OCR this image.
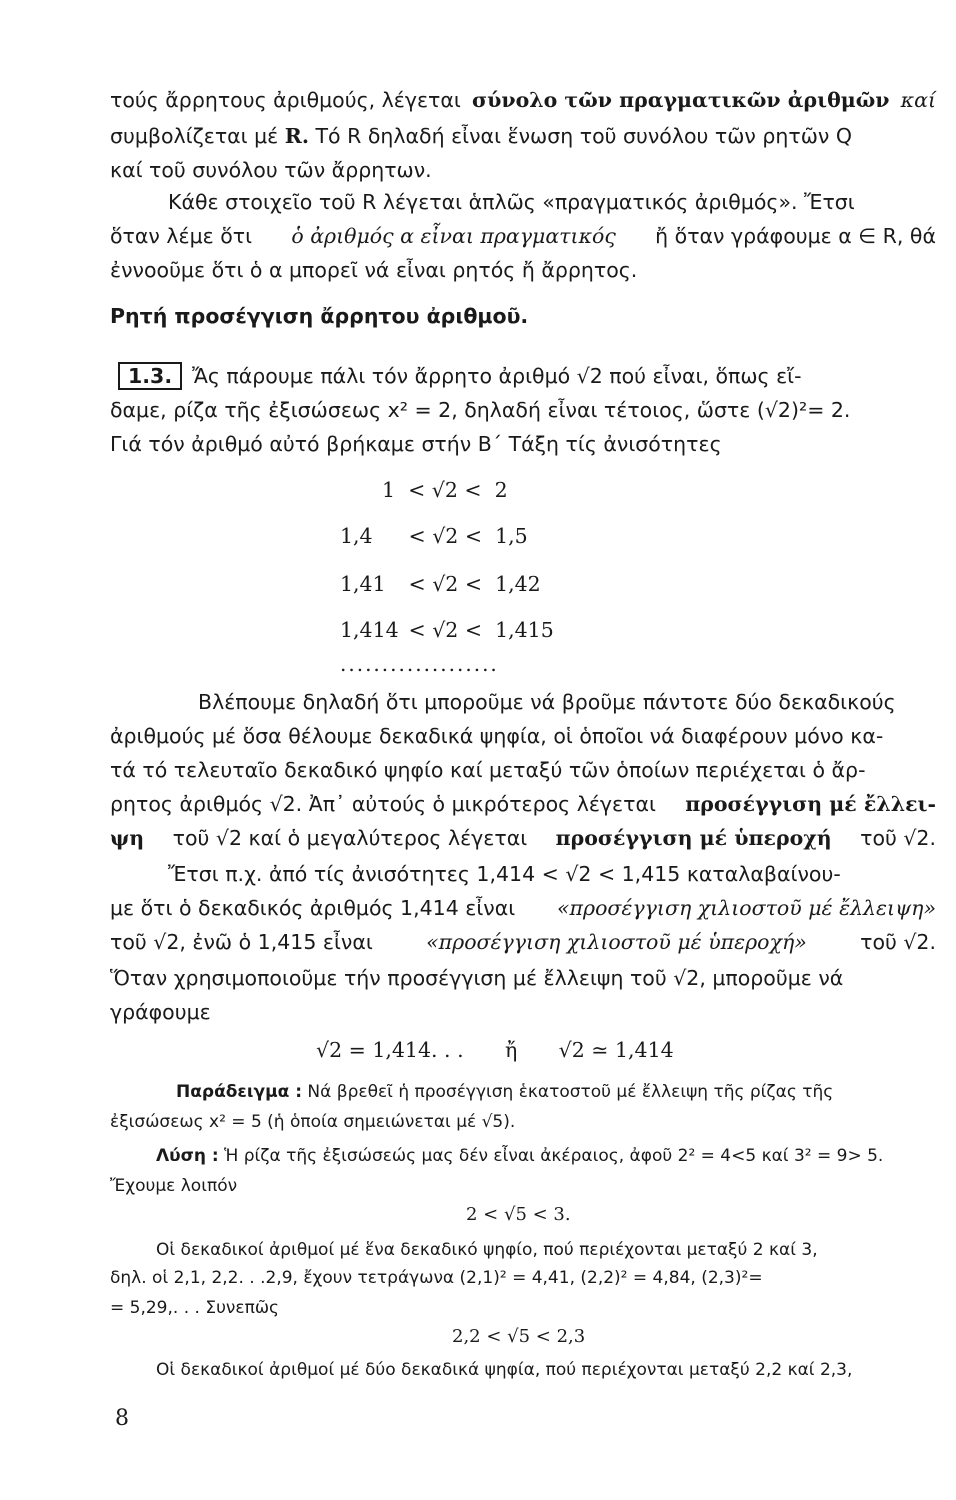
τούς ἄρρητους ἀριθμούς, λέγεται σύνολο τῶν πραγματικῶν ἀριθμῶν καί
συμβολίζεται μέ R. Τό R δηλαδή εἶναι ἕνωση τοῦ συνόλου τῶν ρητῶν Q
καί τοῦ συνόλου τῶν ἄρρητων.
Κάθε στοιχεῖο τοῦ R λέγεται ἁπλῶς «πραγματικός ἀριθμός». Ἔτσι
ὅταν λέμε ὅτι ὁ ἀριθμός α εἶναι πραγματικός ἤ ὅταν γράφουμε α ∈ R, θά
ἐννοοῦμε ὅτι ὁ α μπορεῖ νά εἶναι ρητός ἤ ἄρρητος.
Ρητή προσέγγιση ἄρρητου ἀριθμοῦ.
1.3. Ἄς πάρουμε πάλι τόν ἄρρητο ἀριθμό √2 πού εἶναι, ὅπως εἴ-
δαμε, ρίζα τῆς ἐξισώσεως x² = 2, δηλαδή εἶναι τέτοιος, ὥστε (√2)²= 2.
Γιά τόν ἀριθμό αὐτό βρήκαμε στήν Β΄ Τάξη τίς ἀνισότητες
1 < √2 < 2
1,4 < √2 < 1,5
1,41 < √2 < 1,42
1,414 < √2 < 1,415
...................
Βλέπουμε δηλαδή ὅτι μποροῦμε νά βροῦμε πάντοτε δύο δεκαδικούς
ἀριθμούς μέ ὅσα θέλουμε δεκαδικά ψηφία, οἱ ὁποῖοι νά διαφέρουν μόνο κα-
τά τό τελευταῖο δεκαδικό ψηφίο καί μεταξύ τῶν ὁποίων περιέχεται ὁ ἄρ-
ρητος ἀριθμός √2. Ἀπ᾽ αὐτούς ὁ μικρότερος λέγεται προσέγγιση μέ ἔλλει-
ψη τοῦ √2 καί ὁ μεγαλύτερος λέγεται προσέγγιση μέ ὑπεροχή τοῦ √2.
Ἔτσι π.χ. ἀπό τίς ἀνισότητες 1,414 < √2 < 1,415 καταλαβαίνου-
με ὅτι ὁ δεκαδικός ἀριθμός 1,414 εἶναι «προσέγγιση χιλιοστοῦ μέ ἔλλειψη»
τοῦ √2, ἐνῶ ὁ 1,415 εἶναι	«προσέγγιση χιλιοστοῦ μέ ὑπεροχή»	τοῦ √2.
Ὅταν χρησιμοποιοῦμε τήν προσέγγιση μέ ἔλλειψη τοῦ √2, μποροῦμε νά
γράφουμε
√2 = 1,414. . . ἤ √2 ≃ 1,414
Παράδειγμα : Νά βρεθεῖ ἡ προσέγγιση ἑκατοστοῦ μέ ἔλλειψη τῆς ρίζας τῆς
ἐξισώσεως x² = 5 (ἡ ὁποία σημειώνεται μέ √5).
Λύση : Ἡ ρίζα τῆς ἐξισώσεώς μας δέν εἶναι ἀκέραιος, ἀφοῦ 2² = 4<5 καί 3² = 9> 5.
Ἔχουμε λοιπόν
2 < √5 < 3.
Οἱ δεκαδικοί ἀριθμοί μέ ἕνα δεκαδικό ψηφίο, πού περιέχονται μεταξύ 2 καί 3,
δηλ. οἱ 2,1, 2,2. . .2,9, ἔχουν τετράγωνα (2,1)² = 4,41, (2,2)² = 4,84, (2,3)²=
= 5,29,. . . Συνεπῶς
2,2 < √5 < 2,3
Οἱ δεκαδικοί ἀριθμοί μέ δύο δεκαδικά ψηφία, πού περιέχονται μεταξύ 2,2 καί 2,3,
8
